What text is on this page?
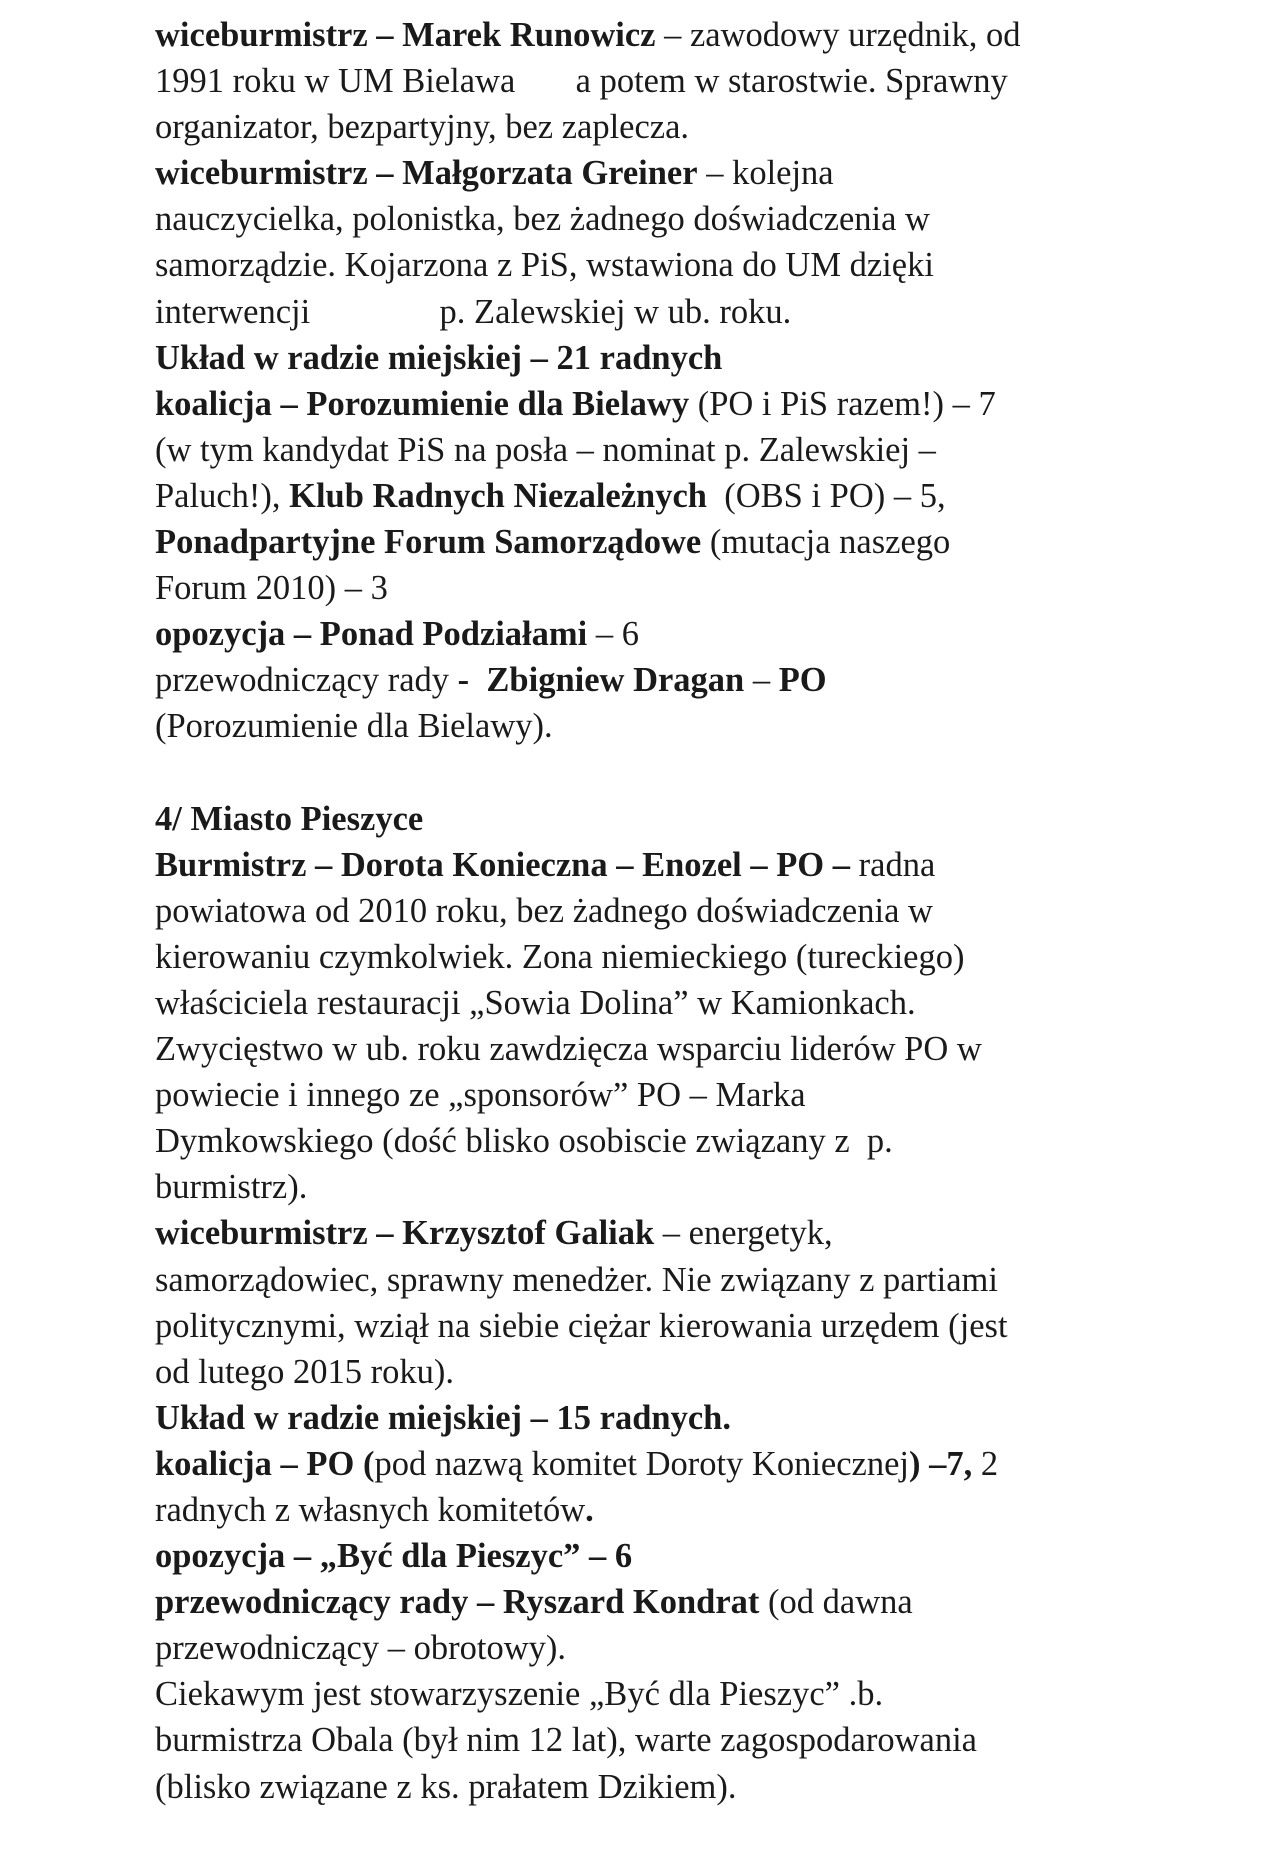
wiceburmistrz – Marek Runowicz – zawodowy urzędnik, od
1991 roku w UM Bielawa       a potem w starostwie. Sprawny
organizator, bezpartyjny, bez zaplecza.
wiceburmistrz – Małgorzata Greiner – kolejna
nauczycielka, polonistka, bez żadnego doświadczenia w
samorządzie. Kojarzona z PiS, wstawiona do UM dzięki
interwencji               p. Zalewskiej w ub. roku.
Układ w radzie miejskiej – 21 radnych
koalicja – Porozumienie dla Bielawy (PO i PiS razem!) – 7
(w tym kandydat PiS na posła – nominat p. Zalewskiej –
Paluch!), Klub Radnych Niezależnych  (OBS i PO) – 5,
Ponadpartyjne Forum Samorządowe (mutacja naszego
Forum 2010) – 3
opozycja – Ponad Podziałami – 6
przewodniczący rady -  Zbigniew Dragan – PO
(Porozumienie dla Bielawy).
4/ Miasto Pieszyce
Burmistrz – Dorota Konieczna – Enozel – PO – radna
powiatowa od 2010 roku, bez żadnego doświadczenia w
kierowaniu czymkolwiek. Zona niemieckiego (tureckiego)
właściciela restauracji „Sowia Dolina” w Kamionkach.
Zwycięstwo w ub. roku zawdzięcza wsparciu liderów PO w
powiecie i innego ze „sponsorów” PO – Marka
Dymkowskiego (dość blisko osobiscie związany z  p.
burmistrz).
wiceburmistrz – Krzysztof Galiak – energetyk,
samorządowiec, sprawny menedżer. Nie związany z partiami
politycznymi, wziął na siebie ciężar kierowania urzędem (jest
od lutego 2015 roku).
Układ w radzie miejskiej – 15 radnych.
koalicja – PO (pod nazwą komitet Doroty Koniecznej) –7, 2
radnych z własnych komitetów.
opozycja – „Być dla Pieszyc” – 6
przewodniczący rady – Ryszard Kondrat (od dawna
przewodniczący – obrotowy).
Ciekawym jest stowarzyszenie „Być dla Pieszyc” .b.
burmistrza Obala (był nim 12 lat), warte zagospodarowania
(blisko związane z ks. prałatem Dzikiem).
